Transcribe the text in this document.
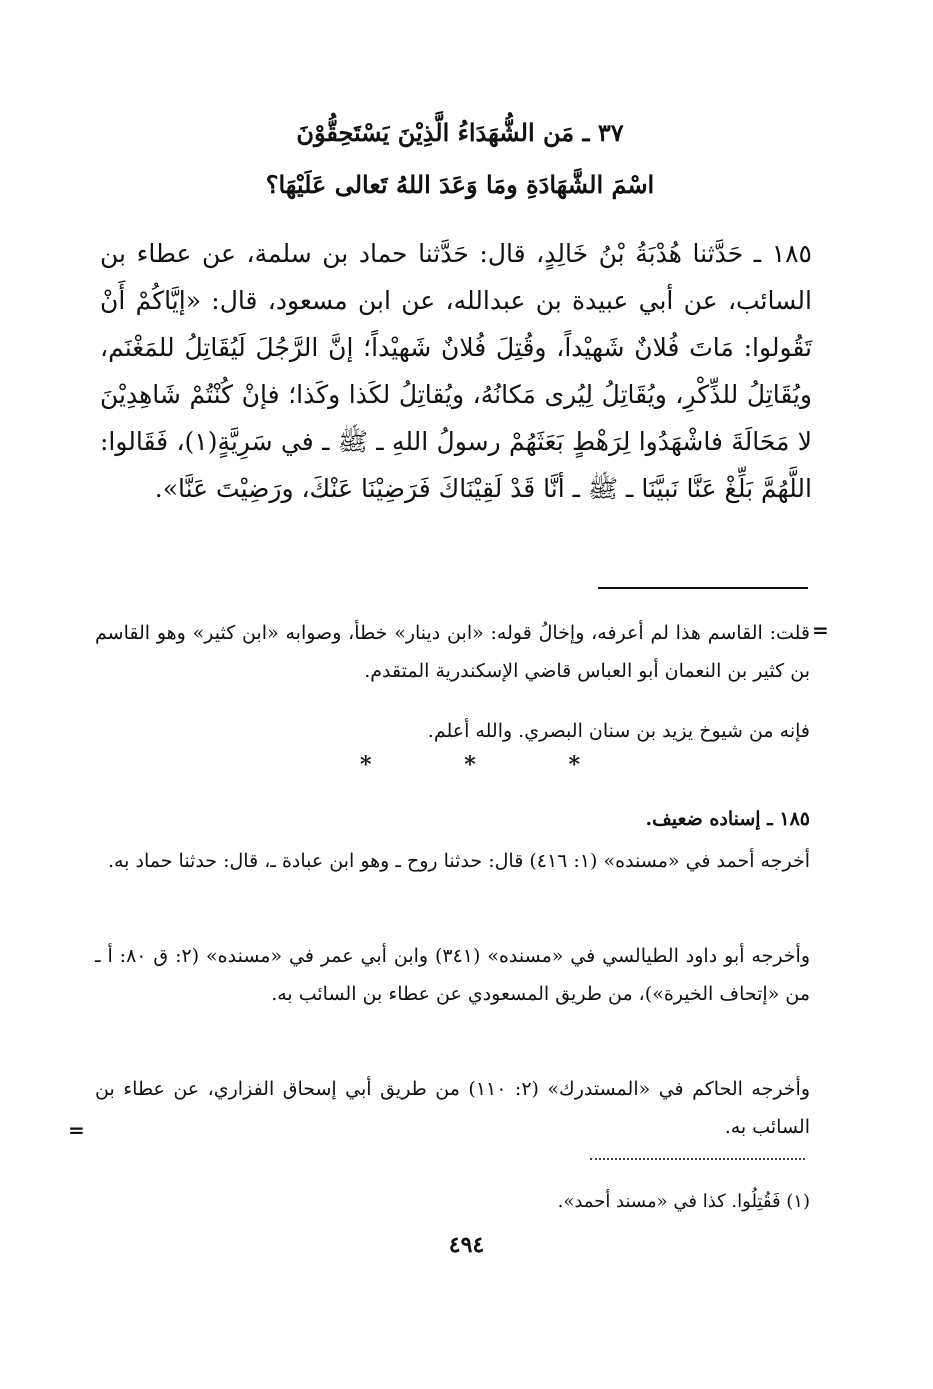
٣٧ ـ مَن الشُّهَدَاءُ الَّذِيْنَ يَسْتَحِقُّوْنَ
اسْمَ الشَّهَادَةِ ومَا وَعَدَ اللهُ تَعالى عَلَيْهَا؟

١٨٥ ـ حَدَّثنا هُدْبَةُ بْنُ خَالِدٍ، قال: حَدَّثنا حماد بن سلمة، عن عطاء بن السائب، عن أبي عبيدة بن عبدالله، عن ابن مسعود، قال: «إيَّاكُمْ أَنْ تَقُولوا: مَاتَ فُلانٌ شَهيْداً، وقُتِلَ فُلانٌ شَهيْداً؛ إنَّ الرَّجُلَ لَيُقَاتِلُ للمَغْنَم، ويُقَاتِلُ للذِّكْرِ، ويُقَاتِلُ لِيُرى مَكانُهُ، ويُقاتِلُ لكَذا وكَذا؛ فإنْ كُنْتُمْ شَاهِدِيْنَ لا مَحَالَةَ فاشْهَدُوا لِرَهْطٍ بَعَثَهُمْ رسولُ اللهِ ـ ﷺ ـ في سَرِيَّةٍ(١)، فَقَالوا: اللَّهُمَّ بَلِّغْ عَنَّا نَبيَّنَا ـ ﷺ ـ أنَّا قَدْ لَقِيْنَاكَ فَرَضِيْنَا عَنْكَ، ورَضِيْتَ عَنَّا».

=

قلت: القاسم هذا لم أعرفه، وإخالُ قوله: «ابن دينار» خطأ، وصوابه «ابن كثير» وهو القاسم بن كثير بن النعمان أبو العباس قاضي الإسكندرية المتقدم.

فإنه من شيوخ يزيد بن سنان البصري. والله أعلم.

*	*	*
١٨٥ ـ إسناده ضعيف.

أخرجه أحمد في «مسنده» (١: ٤١٦) قال: حدثنا روح ـ وهو ابن عبادة ـ، قال: حدثنا حماد به.

وأخرجه أبو داود الطيالسي في «مسنده» (٣٤١) وابن أبي عمر في «مسنده» (٢: ق ٨٠: أ ـ من «إتحاف الخيرة»)، من طريق المسعودي عن عطاء بن السائب به.

وأخرجه الحاكم في «المستدرك» (٢: ١١٠) من طريق أبي إسحاق الفزاري، عن عطاء بن السائب به.

=
(١) فَقُتِلُوا. كذا في «مسند أحمد».
٤٩٤
